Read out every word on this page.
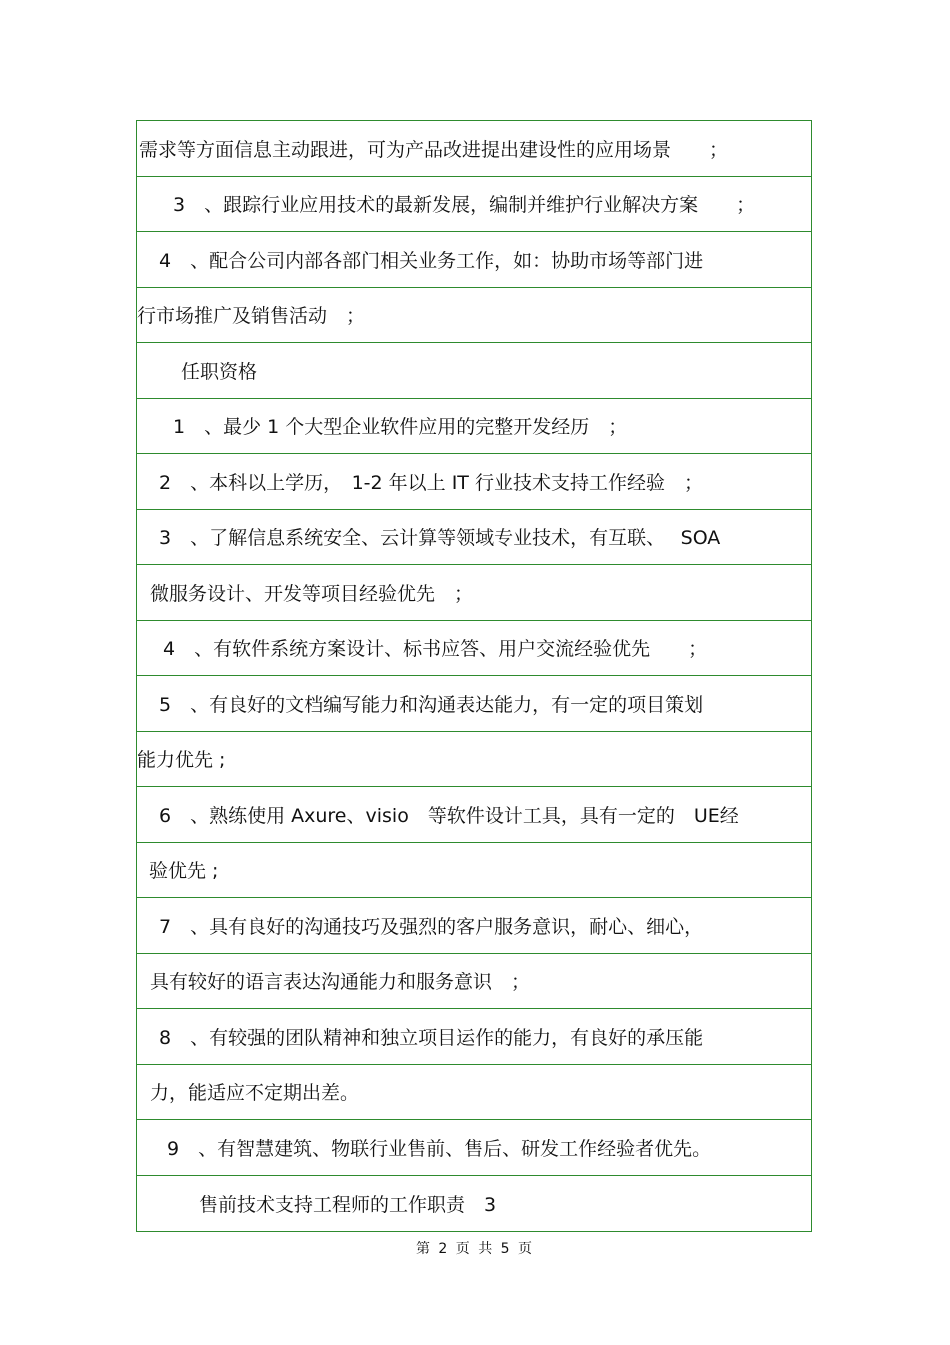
需求等方面信息主动跟进，可为产品改进提出建设性的应用场景　　；
3　、跟踪行业应用技术的最新发展，编制并维护行业解决方案　　；
4　、配合公司内部各部门相关业务工作，如：协助市场等部门进
行市场推广及销售活动　；
任职资格
1　、最少 1 个大型企业软件应用的完整开发经历　；
2　、本科以上学历，　1-2 年以上 IT 行业技术支持工作经验　；
3　、了解信息系统安全、云计算等领域专业技术，有互联、　 SOA
微服务设计、开发等项目经验优先　；
4　、有软件系统方案设计、标书应答、用户交流经验优先　　；
5　、有良好的文档编写能力和沟通表达能力，有一定的项目策划
能力优先 ;
6　、熟练使用 Axure、visio　等软件设计工具，具有一定的　UE经
验优先 ;
7　、具有良好的沟通技巧及强烈的客户服务意识，耐心、细心，
具有较好的语言表达沟通能力和服务意识　；
8　、有较强的团队精神和独立项目运作的能力，有良好的承压能
力，能适应不定期出差。
9　、有智慧建筑、物联行业售前、售后、研发工作经验者优先。
售前技术支持工程师的工作职责　3
第 2 页 共 5 页
